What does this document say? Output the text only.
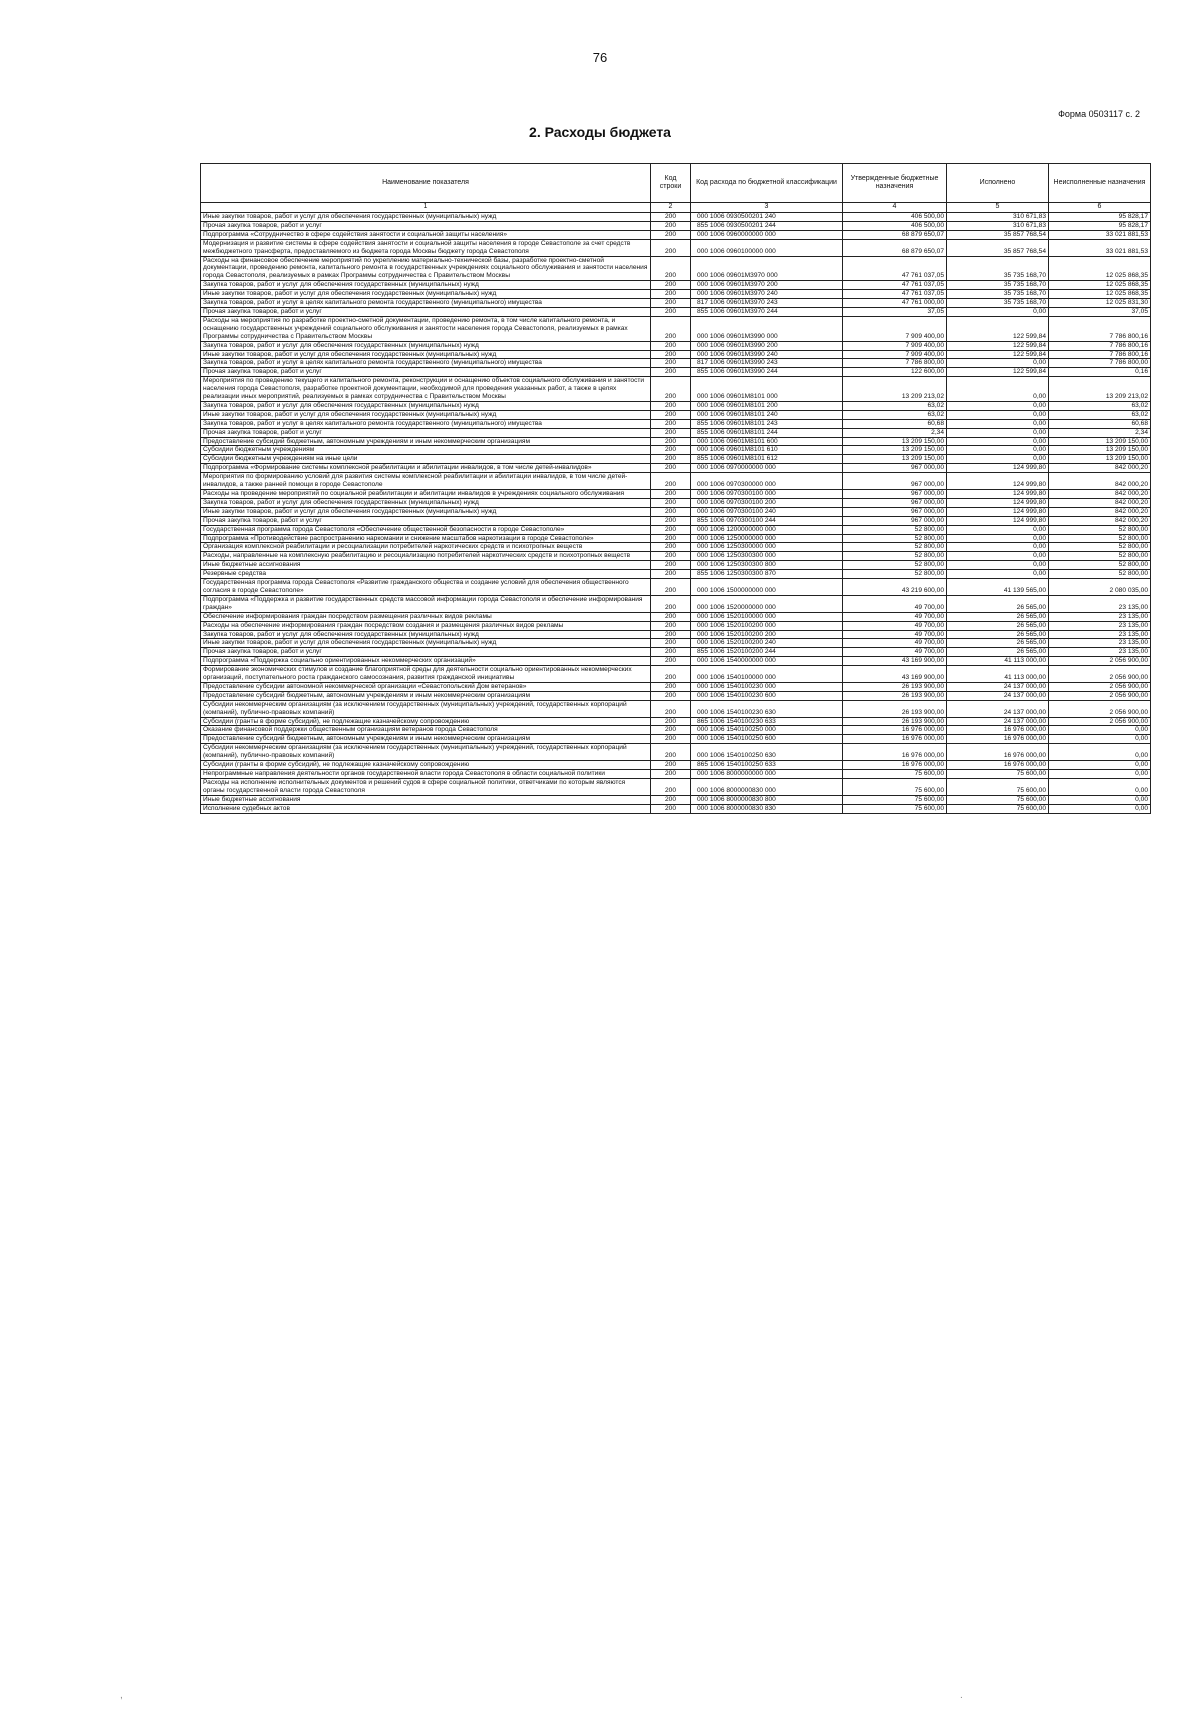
76
Форма 0503117 с. 2
2. Расходы бюджета
Наименование показателя	Код строки	Код расхода по бюджетной классификации	Утвержденные бюджетные назначения	Исполнено	Неисполненные назначения
1	2	3	4	5	6
Иные закупки товаров, работ и услуг для обеспечения государственных (муниципальных) нужд	200	000 1006 0930500201 240	406 500,00	310 671,83	95 828,17
Прочая закупка товаров, работ и услуг	200	855 1006 0930500201 244	406 500,00	310 671,83	95 828,17
Подпрограмма «Сотрудничество в сфере содействия занятости и социальной защиты населения»	200	000 1006 0960000000 000	68 879 650,07	35 857 768,54	33 021 881,53
Модернизация и развитие системы в сфере содействия занятости и социальной защиты населения в городе Севастополе за счет средств межбюджетного трансферта, предоставляемого из бюджета города Москвы бюджету города Севастополя	200	000 1006 0960100000 000	68 879 650,07	35 857 768,54	33 021 881,53
Расходы на финансовое обеспечение мероприятий по укреплению материально-технической базы, разработке проектно-сметной документации, проведению ремонта, капитального ремонта в государственных учреждениях социального обслуживания и занятости населения города Севастополя, реализуемых в рамках Программы сотрудничества с Правительством Москвы	200	000 1006 09601M3970 000	47 761 037,05	35 735 168,70	12 025 868,35
Закупка товаров, работ и услуг для обеспечения государственных (муниципальных) нужд	200	000 1006 09601M3970 200	47 761 037,05	35 735 168,70	12 025 868,35
Иные закупки товаров, работ и услуг для обеспечения государственных (муниципальных) нужд	200	000 1006 09601M3970 240	47 761 037,05	35 735 168,70	12 025 868,35
Закупка товаров, работ и услуг в целях капитального ремонта государственного (муниципального) имущества	200	817 1006 09601M3970 243	47 761 000,00	35 735 168,70	12 025 831,30
Прочая закупка товаров, работ и услуг	200	855 1006 09601M3970 244	37,05	0,00	37,05
Расходы на мероприятия по разработке проектно-сметной документации, проведению ремонта, в том числе капитального ремонта, и оснащению государственных учреждений социального обслуживания и занятости населения города Севастополя, реализуемых в рамках Программы сотрудничества с Правительством Москвы	200	000 1006 09601M3990 000	7 909 400,00	122 599,84	7 786 800,16
Закупка товаров, работ и услуг для обеспечения государственных (муниципальных) нужд	200	000 1006 09601M3990 200	7 909 400,00	122 599,84	7 786 800,16
Иные закупки товаров, работ и услуг для обеспечения государственных (муниципальных) нужд	200	000 1006 09601M3990 240	7 909 400,00	122 599,84	7 786 800,16
Закупка товаров, работ и услуг в целях капитального ремонта государственного (муниципального) имущества	200	817 1006 09601M3990 243	7 786 800,00	0,00	7 786 800,00
Прочая закупка товаров, работ и услуг	200	855 1006 09601M3990 244	122 600,00	122 599,84	0,16
Мероприятия по проведению текущего и капитального ремонта, реконструкции и оснащению объектов социального обслуживания и занятости населения города Севастополя, разработке проектной документации, необходимой для проведения указанных работ, а также в целях реализации иных мероприятий, реализуемых в рамках сотрудничества с Правительством Москвы	200	000 1006 09601M8101 000	13 209 213,02	0,00	13 209 213,02
Закупка товаров, работ и услуг для обеспечения государственных (муниципальных) нужд	200	000 1006 09601M8101 200	63,02	0,00	63,02
Иные закупки товаров, работ и услуг для обеспечения государственных (муниципальных) нужд	200	000 1006 09601M8101 240	63,02	0,00	63,02
Закупка товаров, работ и услуг в целях капитального ремонта государственного (муниципального) имущества	200	855 1006 09601M8101 243	60,68	0,00	60,68
Прочая закупка товаров, работ и услуг	200	855 1006 09601M8101 244	2,34	0,00	2,34
Предоставление субсидий бюджетным, автономным учреждениям и иным некоммерческим организациям	200	000 1006 09601M8101 600	13 209 150,00	0,00	13 209 150,00
Субсидии бюджетным учреждениям	200	000 1006 09601M8101 610	13 209 150,00	0,00	13 209 150,00
Субсидии бюджетным учреждениям на иные цели	200	855 1006 09601M8101 612	13 209 150,00	0,00	13 209 150,00
Подпрограмма «Формирование системы комплексной реабилитации и абилитации инвалидов, в том числе детей-инвалидов»	200	000 1006 0970000000 000	967 000,00	124 999,80	842 000,20
Мероприятия по формированию условий для развития системы комплексной реабилитации и абилитации инвалидов, в том числе детей-инвалидов, а также ранней помощи в городе Севастополе	200	000 1006 0970300000 000	967 000,00	124 999,80	842 000,20
Расходы на проведение мероприятий по социальной реабилитации и абилитации инвалидов в учреждениях социального обслуживания	200	000 1006 0970300100 000	967 000,00	124 999,80	842 000,20
Закупка товаров, работ и услуг для обеспечения государственных (муниципальных) нужд	200	000 1006 0970300100 200	967 000,00	124 999,80	842 000,20
Иные закупки товаров, работ и услуг для обеспечения государственных (муниципальных) нужд	200	000 1006 0970300100 240	967 000,00	124 999,80	842 000,20
Прочая закупка товаров, работ и услуг	200	855 1006 0970300100 244	967 000,00	124 999,80	842 000,20
Государственная программа города Севастополя «Обеспечение общественной безопасности в городе Севастополе»	200	000 1006 1200000000 000	52 800,00	0,00	52 800,00
Подпрограмма «Противодействие распространению наркомании и снижение масштабов наркотизации в городе Севастополе»	200	000 1006 1250000000 000	52 800,00	0,00	52 800,00
Организация комплексной реабилитации и ресоциализации потребителей наркотических средств и психотропных веществ	200	000 1006 1250300000 000	52 800,00	0,00	52 800,00
Расходы, направленные на комплексную реабилитацию и ресоциализацию потребителей наркотических средств и психотропных веществ	200	000 1006 1250300300 000	52 800,00	0,00	52 800,00
Иные бюджетные ассигнования	200	000 1006 1250300300 800	52 800,00	0,00	52 800,00
Резервные средства	200	855 1006 1250300300 870	52 800,00	0,00	52 800,00
Государственная программа города Севастополя «Развитие гражданского общества и создание условий для обеспечения общественного согласия в городе Севастополе»	200	000 1006 1500000000 000	43 219 600,00	41 139 565,00	2 080 035,00
Подпрограмма «Поддержка и развитие государственных средств массовой информации города Севастополя и обеспечение информирования граждан»	200	000 1006 1520000000 000	49 700,00	26 565,00	23 135,00
Обеспечение информирования граждан посредством размещения различных видов рекламы	200	000 1006 1520100000 000	49 700,00	26 565,00	23 135,00
Расходы на обеспечение информирования граждан посредством создания и размещения различных видов рекламы	200	000 1006 1520100200 000	49 700,00	26 565,00	23 135,00
Закупка товаров, работ и услуг для обеспечения государственных (муниципальных) нужд	200	000 1006 1520100200 200	49 700,00	26 565,00	23 135,00
Иные закупки товаров, работ и услуг для обеспечения государственных (муниципальных) нужд	200	000 1006 1520100200 240	49 700,00	26 565,00	23 135,00
Прочая закупка товаров, работ и услуг	200	855 1006 1520100200 244	49 700,00	26 565,00	23 135,00
Подпрограмма «Поддержка социально ориентированных некоммерческих организаций»	200	000 1006 1540000000 000	43 169 900,00	41 113 000,00	2 056 900,00
Формирование экономических стимулов и создание благоприятной среды для деятельности социально ориентированных некоммерческих организаций, поступательного роста гражданского самосознания, развития гражданской инициативы	200	000 1006 1540100000 000	43 169 900,00	41 113 000,00	2 056 900,00
Предоставление субсидии автономной некоммерческой организации «Севастопольский Дом ветеранов»	200	000 1006 1540100230 000	26 193 900,00	24 137 000,00	2 056 900,00
Предоставление субсидий бюджетным, автономным учреждениям и иным некоммерческим организациям	200	000 1006 1540100230 600	26 193 900,00	24 137 000,00	2 056 900,00
Субсидии некоммерческим организациям (за исключением государственных (муниципальных) учреждений, государственных корпораций (компаний), публично-правовых компаний)	200	000 1006 1540100230 630	26 193 900,00	24 137 000,00	2 056 900,00
Субсидии (гранты в форме субсидий), не подлежащие казначейскому сопровождению	200	865 1006 1540100230 633	26 193 900,00	24 137 000,00	2 056 900,00
Оказание финансовой поддержки общественным организациям ветеранов города Севастополя	200	000 1006 1540100250 000	16 976 000,00	16 976 000,00	0,00
Предоставление субсидий бюджетным, автономным учреждениям и иным некоммерческим организациям	200	000 1006 1540100250 600	16 976 000,00	16 976 000,00	0,00
Субсидии некоммерческим организациям (за исключением государственных (муниципальных) учреждений, государственных корпораций (компаний), публично-правовых компаний)	200	000 1006 1540100250 630	16 976 000,00	16 976 000,00	0,00
Субсидии (гранты в форме субсидий), не подлежащие казначейскому сопровождению	200	865 1006 1540100250 633	16 976 000,00	16 976 000,00	0,00
Непрограммные направления деятельности органов государственной власти города Севастополя в области социальной политики	200	000 1006 8000000000 000	75 600,00	75 600,00	0,00
Расходы на исполнение исполнительных документов и решений судов в сфере социальной политики, ответчиками по которым являются органы государственной власти города Севастополя	200	000 1006 8000000830 000	75 600,00	75 600,00	0,00
Иные бюджетные ассигнования	200	000 1006 8000000830 800	75 600,00	75 600,00	0,00
Исполнение судебных актов	200	000 1006 8000000830 830	75 600,00	75 600,00	0,00
,	.
